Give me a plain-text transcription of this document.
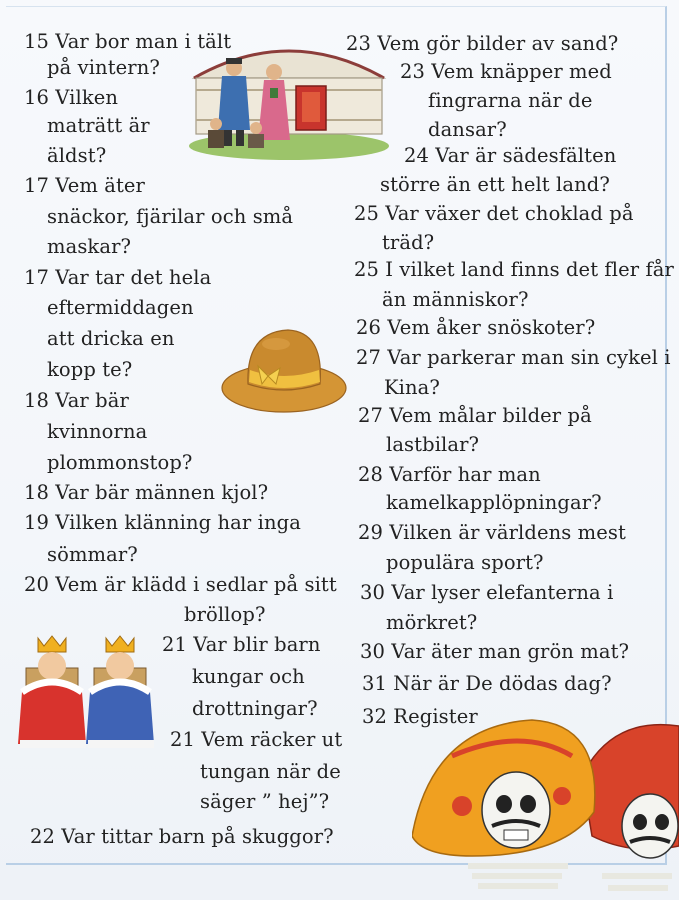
15 Var bor man i tält
på vintern?
16 Vilken
maträtt är
äldst?
17 Vem äter
snäckor, fjärilar och små
maskar?
17 Var tar det hela
eftermiddagen
att dricka en
kopp te?
18 Var bär
kvinnorna
plommonstop?
18 Var bär männen kjol?
19 Vilken klänning har inga
sömmar?
20 Vem är klädd i sedlar på sitt
bröllop?
21 Var blir barn
kungar och
drottningar?
21 Vem räcker ut
tungan när de
säger ” hej”?
22 Var tittar barn på skuggor?
23 Vem gör bilder av sand?
23 Vem knäpper med
fingrarna när de
dansar?
24 Var är sädesfälten
större än ett helt land?
25 Var växer det choklad på
träd?
25 I vilket land finns det fler får
än människor?
26 Vem åker snöskoter?
27 Var parkerar man sin cykel i
Kina?
27 Vem målar bilder på
lastbilar?
28 Varför har man
kamelkapplöpningar?
29 Vilken är världens mest
populära sport?
30 Var lyser elefanterna i
mörkret?
30 Var äter man grön mat?
31 När är De dödas dag?
32 Register
